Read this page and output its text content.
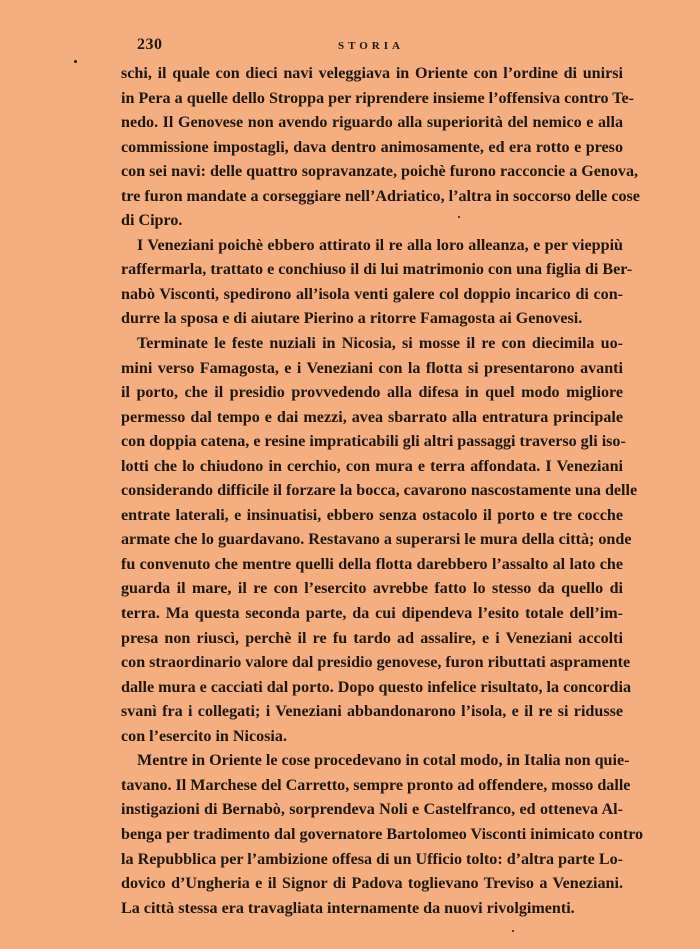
230	STORIA
schi, il quale con dieci navi veleggiava in Oriente con l’ordine di unirsi
in Pera a quelle dello Stroppa per riprendere insieme l’offensiva contro Te-
nedo. Il Genovese non avendo riguardo alla superiorità del nemico e alla
commissione impostagli, dava dentro animosamente, ed era rotto e preso
con sei navi: delle quattro sopravanzate, poichè furono racconcie a Genova,
tre furon mandate a corseggiare nell’Adriatico, l’altra in soccorso delle cose
di Cipro.
I Veneziani poichè ebbero attirato il re alla loro alleanza, e per vieppiù
raffermarla, trattato e conchiuso il di lui matrimonio con una figlia di Ber-
nabò Visconti, spedirono all’isola venti galere col doppio incarico di con-
durre la sposa e di aiutare Pierino a ritorre Famagosta ai Genovesi.
Terminate le feste nuziali in Nicosia, si mosse il re con diecimila uo-
mini verso Famagosta, e i Veneziani con la flotta si presentarono avanti
il porto, che il presidio provvedendo alla difesa in quel modo migliore
permesso dal tempo e dai mezzi, avea sbarrato alla entratura principale
con doppia catena, e resine impraticabili gli altri passaggi traverso gli iso-
lotti che lo chiudono in cerchio, con mura e terra affondata. I Veneziani
considerando difficile il forzare la bocca, cavarono nascostamente una delle
entrate laterali, e insinuatisi, ebbero senza ostacolo il porto e tre cocche
armate che lo guardavano. Restavano a superarsi le mura della città; onde
fu convenuto che mentre quelli della flotta darebbero l’assalto al lato che
guarda il mare, il re con l’esercito avrebbe fatto lo stesso da quello di
terra. Ma questa seconda parte, da cui dipendeva l’esito totale dell’im-
presa non riuscì, perchè il re fu tardo ad assalire, e i Veneziani accolti
con straordinario valore dal presidio genovese, furon ributtati aspramente
dalle mura e cacciati dal porto. Dopo questo infelice risultato, la concordia
svanì fra i collegati; i Veneziani abbandonarono l’isola, e il re si ridusse
con l’esercito in Nicosia.
Mentre in Oriente le cose procedevano in cotal modo, in Italia non quie-
tavano. Il Marchese del Carretto, sempre pronto ad offendere, mosso dalle
instigazioni di Bernabò, sorprendeva Noli e Castelfranco, ed otteneva Al-
benga per tradimento dal governatore Bartolomeo Visconti inimicato contro
la Repubblica per l’ambizione offesa di un Ufficio tolto: d’altra parte Lo-
dovico d’Ungheria e il Signor di Padova toglievano Treviso a Veneziani.
La città stessa era travagliata internamente da nuovi rivolgimenti.
